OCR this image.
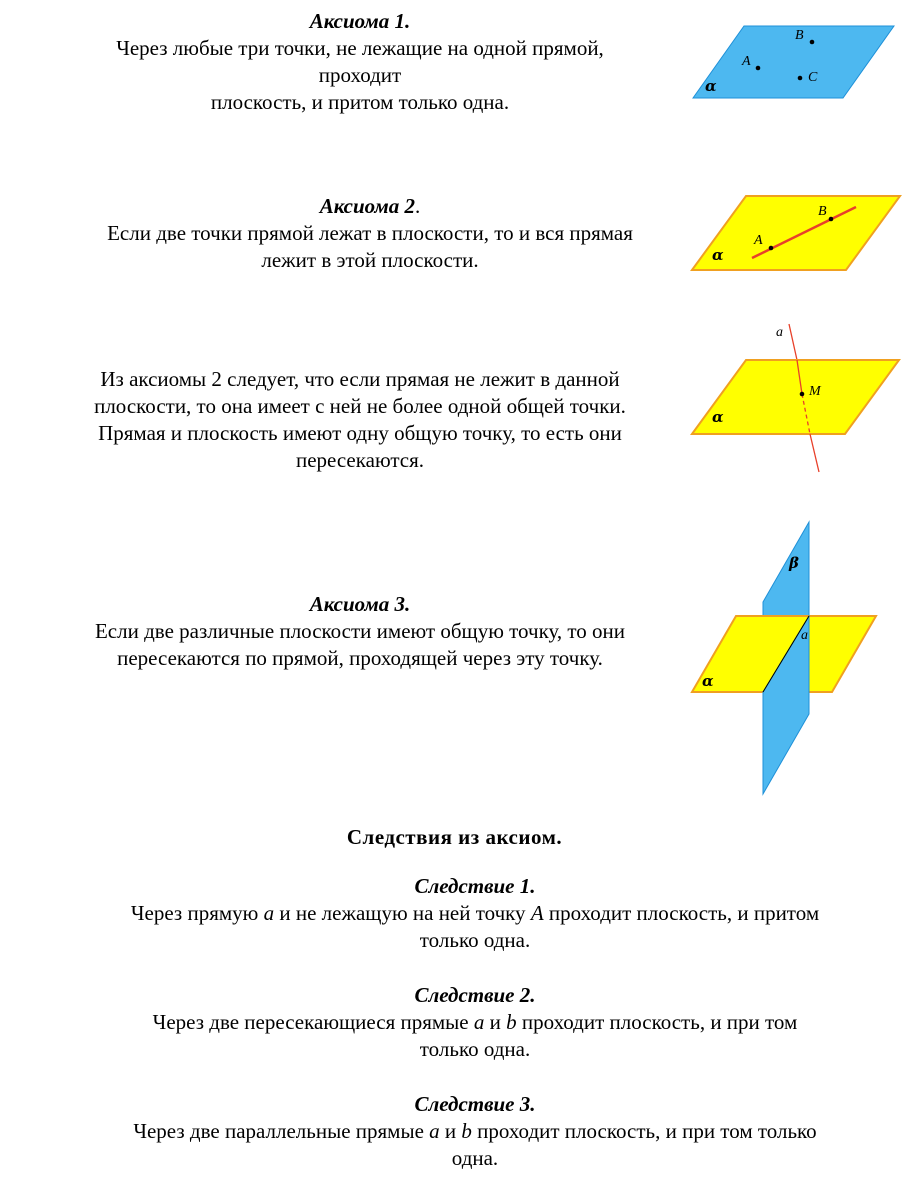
Аксиома 1.
Через любые три точки, не лежащие на одной прямой,
проходит
плоскость, и притом только одна.
α
A
B
C
Аксиома 2.
Если две точки прямой лежат в плоскости, то и вся прямая
лежит в этой плоскости.
A
B
α
Из аксиомы 2 следует, что если прямая не лежит в данной
плоскости, то она имеет с ней не более одной общей точки.
Прямая и плоскость имеют одну общую точку, то есть они
пересекаются.
M
a
α
Аксиома 3.
Если две различные плоскости имеют общую точку, то они
пересекаются по прямой, проходящей через эту точку.
β
a
α
Следствия из аксиом.
Следствие 1.
Через прямую a и не лежащую на ней точку A проходит плоскость, и притом
только одна.
Следствие 2.
Через две пересекающиеся прямые a и b проходит плоскость, и при том
только одна.
Следствие 3.
Через две параллельные прямые a и b проходит плоскость, и при том только
одна.
